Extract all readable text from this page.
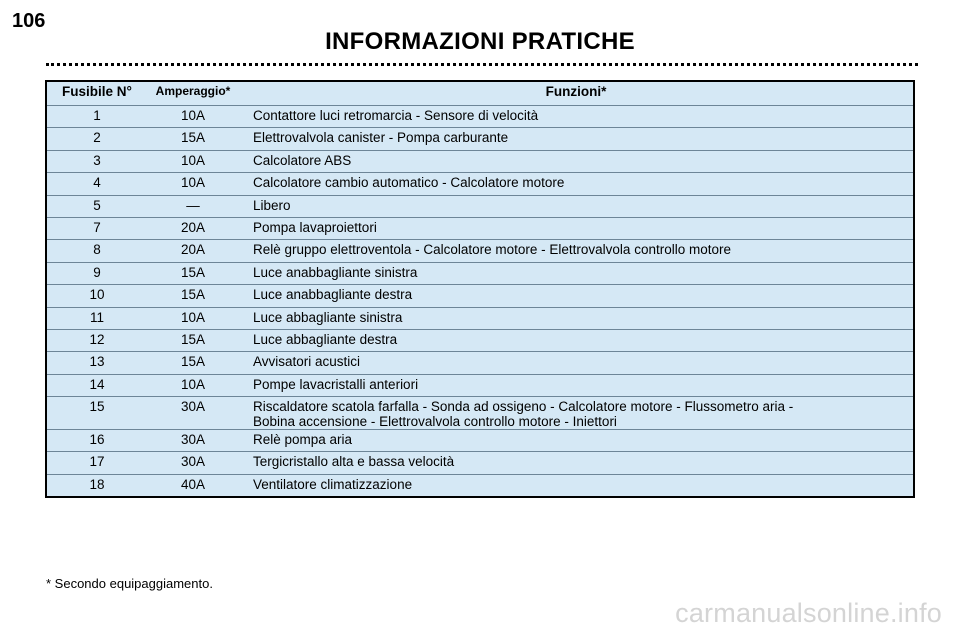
106
INFORMAZIONI PRATICHE
Fusibile N°	Amperaggio*	Funzioni*
1	10A	Contattore luci retromarcia - Sensore di velocità

2	15A	Elettrovalvola canister - Pompa carburante

3	10A	Calcolatore ABS

4	10A	Calcolatore cambio automatico - Calcolatore motore

5	—	Libero

7	20A	Pompa lavaproiettori

8	20A	Relè gruppo elettroventola - Calcolatore motore - Elettrovalvola controllo motore

9	15A	Luce anabbagliante sinistra

10	15A	Luce anabbagliante destra

11	10A	Luce abbagliante sinistra

12	15A	Luce abbagliante destra

13	15A	Avvisatori acustici

14	10A	Pompe lavacristalli anteriori

15	30A	Riscaldatore scatola farfalla - Sonda ad ossigeno - Calcolatore motore - Flussometro aria -
Bobina accensione - Elettrovalvola controllo motore - Iniettori

16	30A	Relè pompa aria

17	30A	Tergicristallo alta e bassa velocità

18	40A	Ventilatore climatizzazione
* Secondo equipaggiamento.
carmanualsonline.info
